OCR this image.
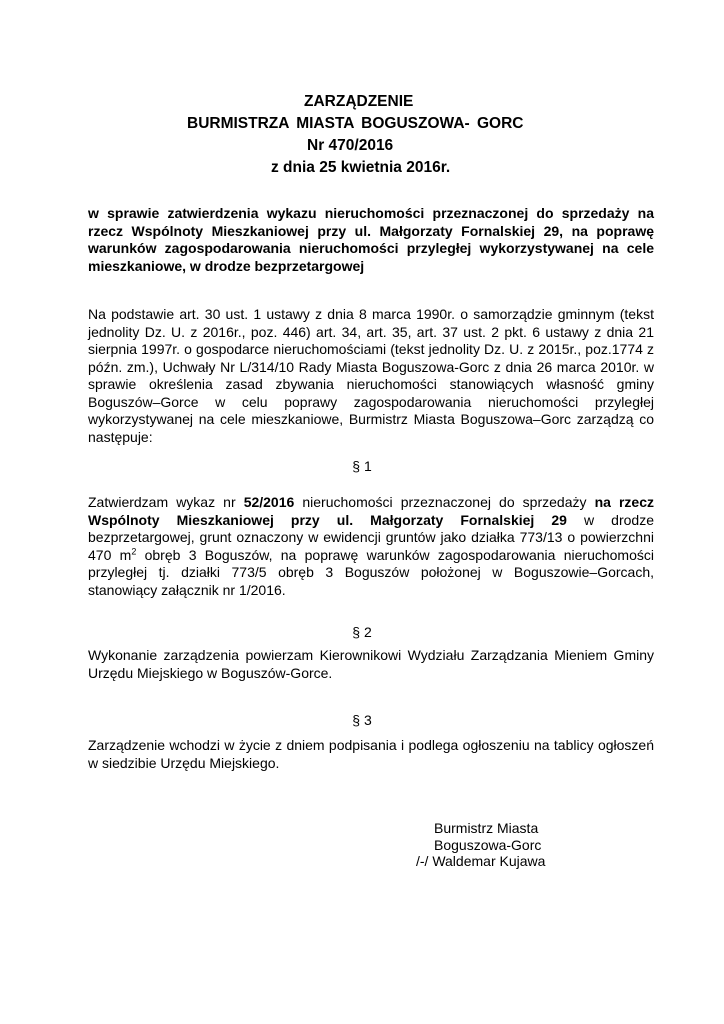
ZARZĄDZENIE
BURMISTRZA MIASTA BOGUSZOWA- GORC
Nr 470/2016
z dnia 25 kwietnia 2016r.
w sprawie zatwierdzenia wykazu nieruchomości przeznaczonej do sprzedaży na rzecz Wspólnoty Mieszkaniowej przy ul. Małgorzaty Fornalskiej 29, na poprawę warunków zagospodarowania nieruchomości przyległej wykorzystywanej na cele mieszkaniowe, w drodze bezprzetargowej
Na podstawie art. 30 ust. 1 ustawy z dnia 8 marca 1990r. o samorządzie gminnym (tekst jednolity Dz. U. z 2016r., poz. 446) art. 34, art. 35, art. 37 ust. 2 pkt. 6 ustawy z dnia 21 sierpnia 1997r. o gospodarce nieruchomościami (tekst jednolity Dz. U. z 2015r., poz.1774 z późn. zm.), Uchwały Nr L/314/10 Rady Miasta Boguszowa-Gorc z dnia 26 marca 2010r. w sprawie określenia zasad zbywania nieruchomości stanowiących własność gminy Boguszów–Gorce w celu poprawy zagospodarowania nieruchomości przyległej wykorzystywanej na cele mieszkaniowe, Burmistrz Miasta Boguszowa–Gorc zarządzą co następuje:
§ 1
Zatwierdzam wykaz nr 52/2016 nieruchomości przeznaczonej do sprzedaży na rzecz Wspólnoty Mieszkaniowej przy ul. Małgorzaty Fornalskiej 29 w drodze bezprzetargowej, grunt oznaczony w ewidencji gruntów jako działka 773/13 o powierzchni 470 $m^2$ obręb 3 Boguszów, na poprawę warunków zagospodarowania nieruchomości przyległej tj. działki 773/5 obręb 3 Boguszów położonej w Boguszowie–Gorcach, stanowiący załącznik nr 1/2016.
§ 2
Wykonanie zarządzenia powierzam Kierownikowi Wydziału Zarządzania Mieniem Gminy Urzędu Miejskiego w Boguszów-Gorce.
§ 3
Zarządzenie wchodzi w życie z dniem podpisania i podlega ogłoszeniu na tablicy ogłoszeń w siedzibie Urzędu Miejskiego.
Burmistrz Miasta
Boguszowa-Gorc
/-/ Waldemar Kujawa
